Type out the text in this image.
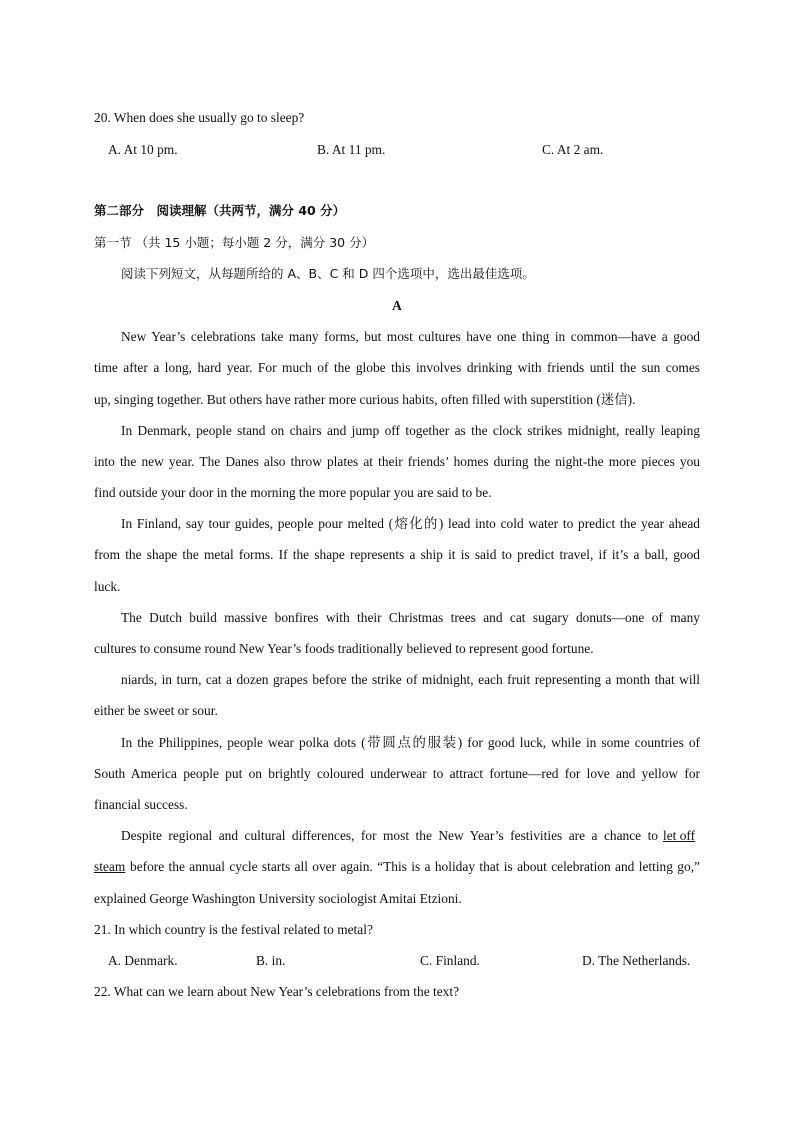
20. When does she usually go to sleep?
A. At 10 pm.	B. At 11 pm.	C. At 2 am.
第二部分　阅读理解（共两节，满分 40 分）
第一节 （共 15 小题；每小题 2 分，满分 30 分）
阅读下列短文，从每题所给的 A、B、C 和 D 四个选项中，选出最佳选项。
A
New Year’s celebrations take many forms, but most cultures have one thing in common—have a good
time after a long, hard year. For much of the globe this involves drinking with friends until the sun comes
up, singing together. But others have rather more curious habits, often filled with superstition (迷信).
In Denmark, people stand on chairs and jump off together as the clock strikes midnight, really leaping
into the new year. The Danes also throw plates at their friends’ homes during the night-the more pieces you
find outside your door in the morning the more popular you are said to be.
In Finland, say tour guides, people pour melted (熔化的) lead into cold water to predict the year ahead
from the shape the metal forms. If the shape represents a ship it is said to predict travel, if it’s a ball, good
luck.
The Dutch build massive bonfires with their Christmas trees and cat sugary donuts—one of many
cultures to consume round New Year’s foods traditionally believed to represent good fortune.
niards, in turn, cat a dozen grapes before the strike of midnight, each fruit representing a month that will
either be sweet or sour.
In the Philippines, people wear polka dots (带圆点的服装) for good luck, while in some countries of
South America people put on brightly coloured underwear to attract fortune—red for love and yellow for
financial success.
Despite regional and cultural differences, for most the New Year’s festivities are a chance to let off
steam before the annual cycle starts all over again. “This is a holiday that is about celebration and letting go,”
explained George Washington University sociologist Amitai Etzioni.
21. In which country is the festival related to metal?
A. Denmark.	B. in.	C. Finland.	D. The Netherlands.
22. What can we learn about New Year’s celebrations from the text?
